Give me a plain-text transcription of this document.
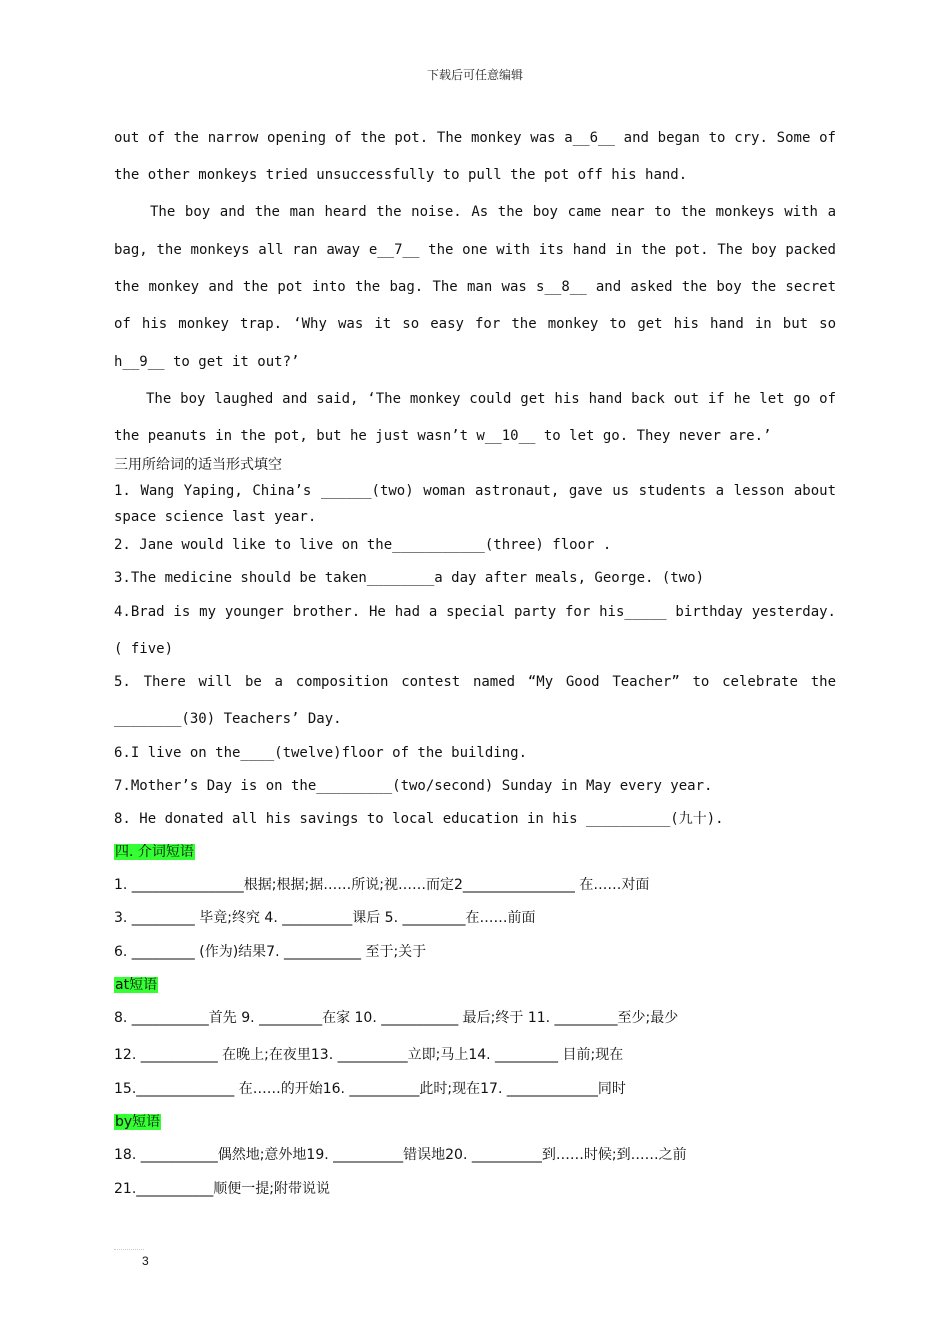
下载后可任意编辑
out of the narrow opening of the pot. The monkey was a__6__ and began to cry. Some of
the other monkeys tried unsuccessfully to pull the pot off his hand.
The boy and the man heard the noise. As the boy came near to the monkeys with a
bag, the monkeys all ran away e__7__ the one with its hand in the pot. The boy packed
the monkey and the pot into the bag. The man was s__8__ and asked the boy the secret
of his monkey trap. ‘Why was it so easy for the monkey to get his hand in but so
h__9__ to get it out?’
The boy laughed and said, ‘The monkey could get his hand back out if he let go of
the peanuts in the pot, but he just wasn’t w__10__ to let go. They never are.’
三用所给词的适当形式填空
1. Wang Yaping, China’s ______(two) woman astronaut, gave us students a lesson about
space science last year.
2. Jane would like to live on the___________(three) floor .
3.The medicine should be taken________a day after meals, George. (two)
4.Brad is my younger brother. He had a special party for his_____ birthday yesterday.
( five)
5. There will be a composition contest named “My Good Teacher” to celebrate the
________(30) Teachers’ Day.
6.I live on the____(twelve)floor of the building.
7.Mother’s Day is on the_________(two/second) Sunday in May every year.
8. He donated all his savings to local education in his __________(九十).
四. 介词短语
1. ________________根据;根据;据……所说;视……而定2________________ 在……对面
3. _________ 毕竟;终究 4. __________课后 5. _________在……前面
6. _________ (作为)结果7. ___________ 至于;关于
at短语
8. ___________首先 9. _________在家 10. ___________ 最后;终于 11. _________至少;最少
12. ___________ 在晚上;在夜里13. __________立即;马上14. _________ 目前;现在
15.______________ 在……的开始16. __________此时;现在17. _____________同时
by短语
18. ___________偶然地;意外地19. __________错误地20. __________到……时候;到……之前
21.___________顺便一提;附带说说
3
